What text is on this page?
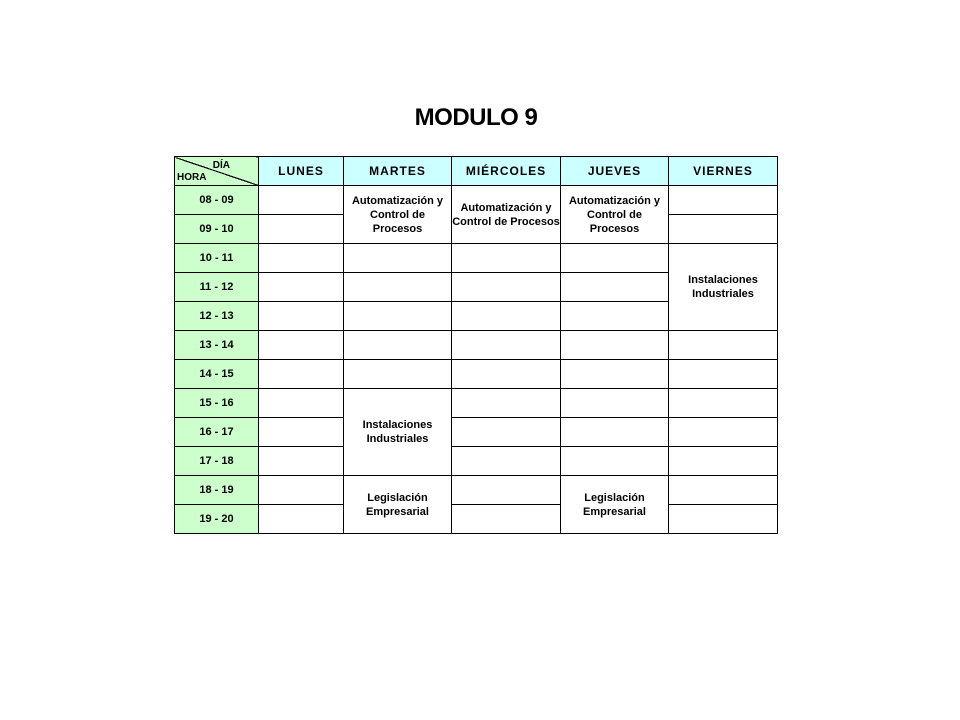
MODULO 9
DÍA
HORA	LUNES	MARTES	MIÉRCOLES	JUEVES	VIERNES
08 - 09		Automatización y Control de Procesos	Automatización y Control de Procesos	Automatización y Control de Procesos	
09 - 10					
10 - 11					Instalaciones Industriales
11 - 12					
12 - 13					
13 - 14					
14 - 15					
15 - 16		Instalaciones Industriales			
16 - 17					
17 - 18					
18 - 19		Legislación Empresarial		Legislación Empresarial	
19 - 20					
